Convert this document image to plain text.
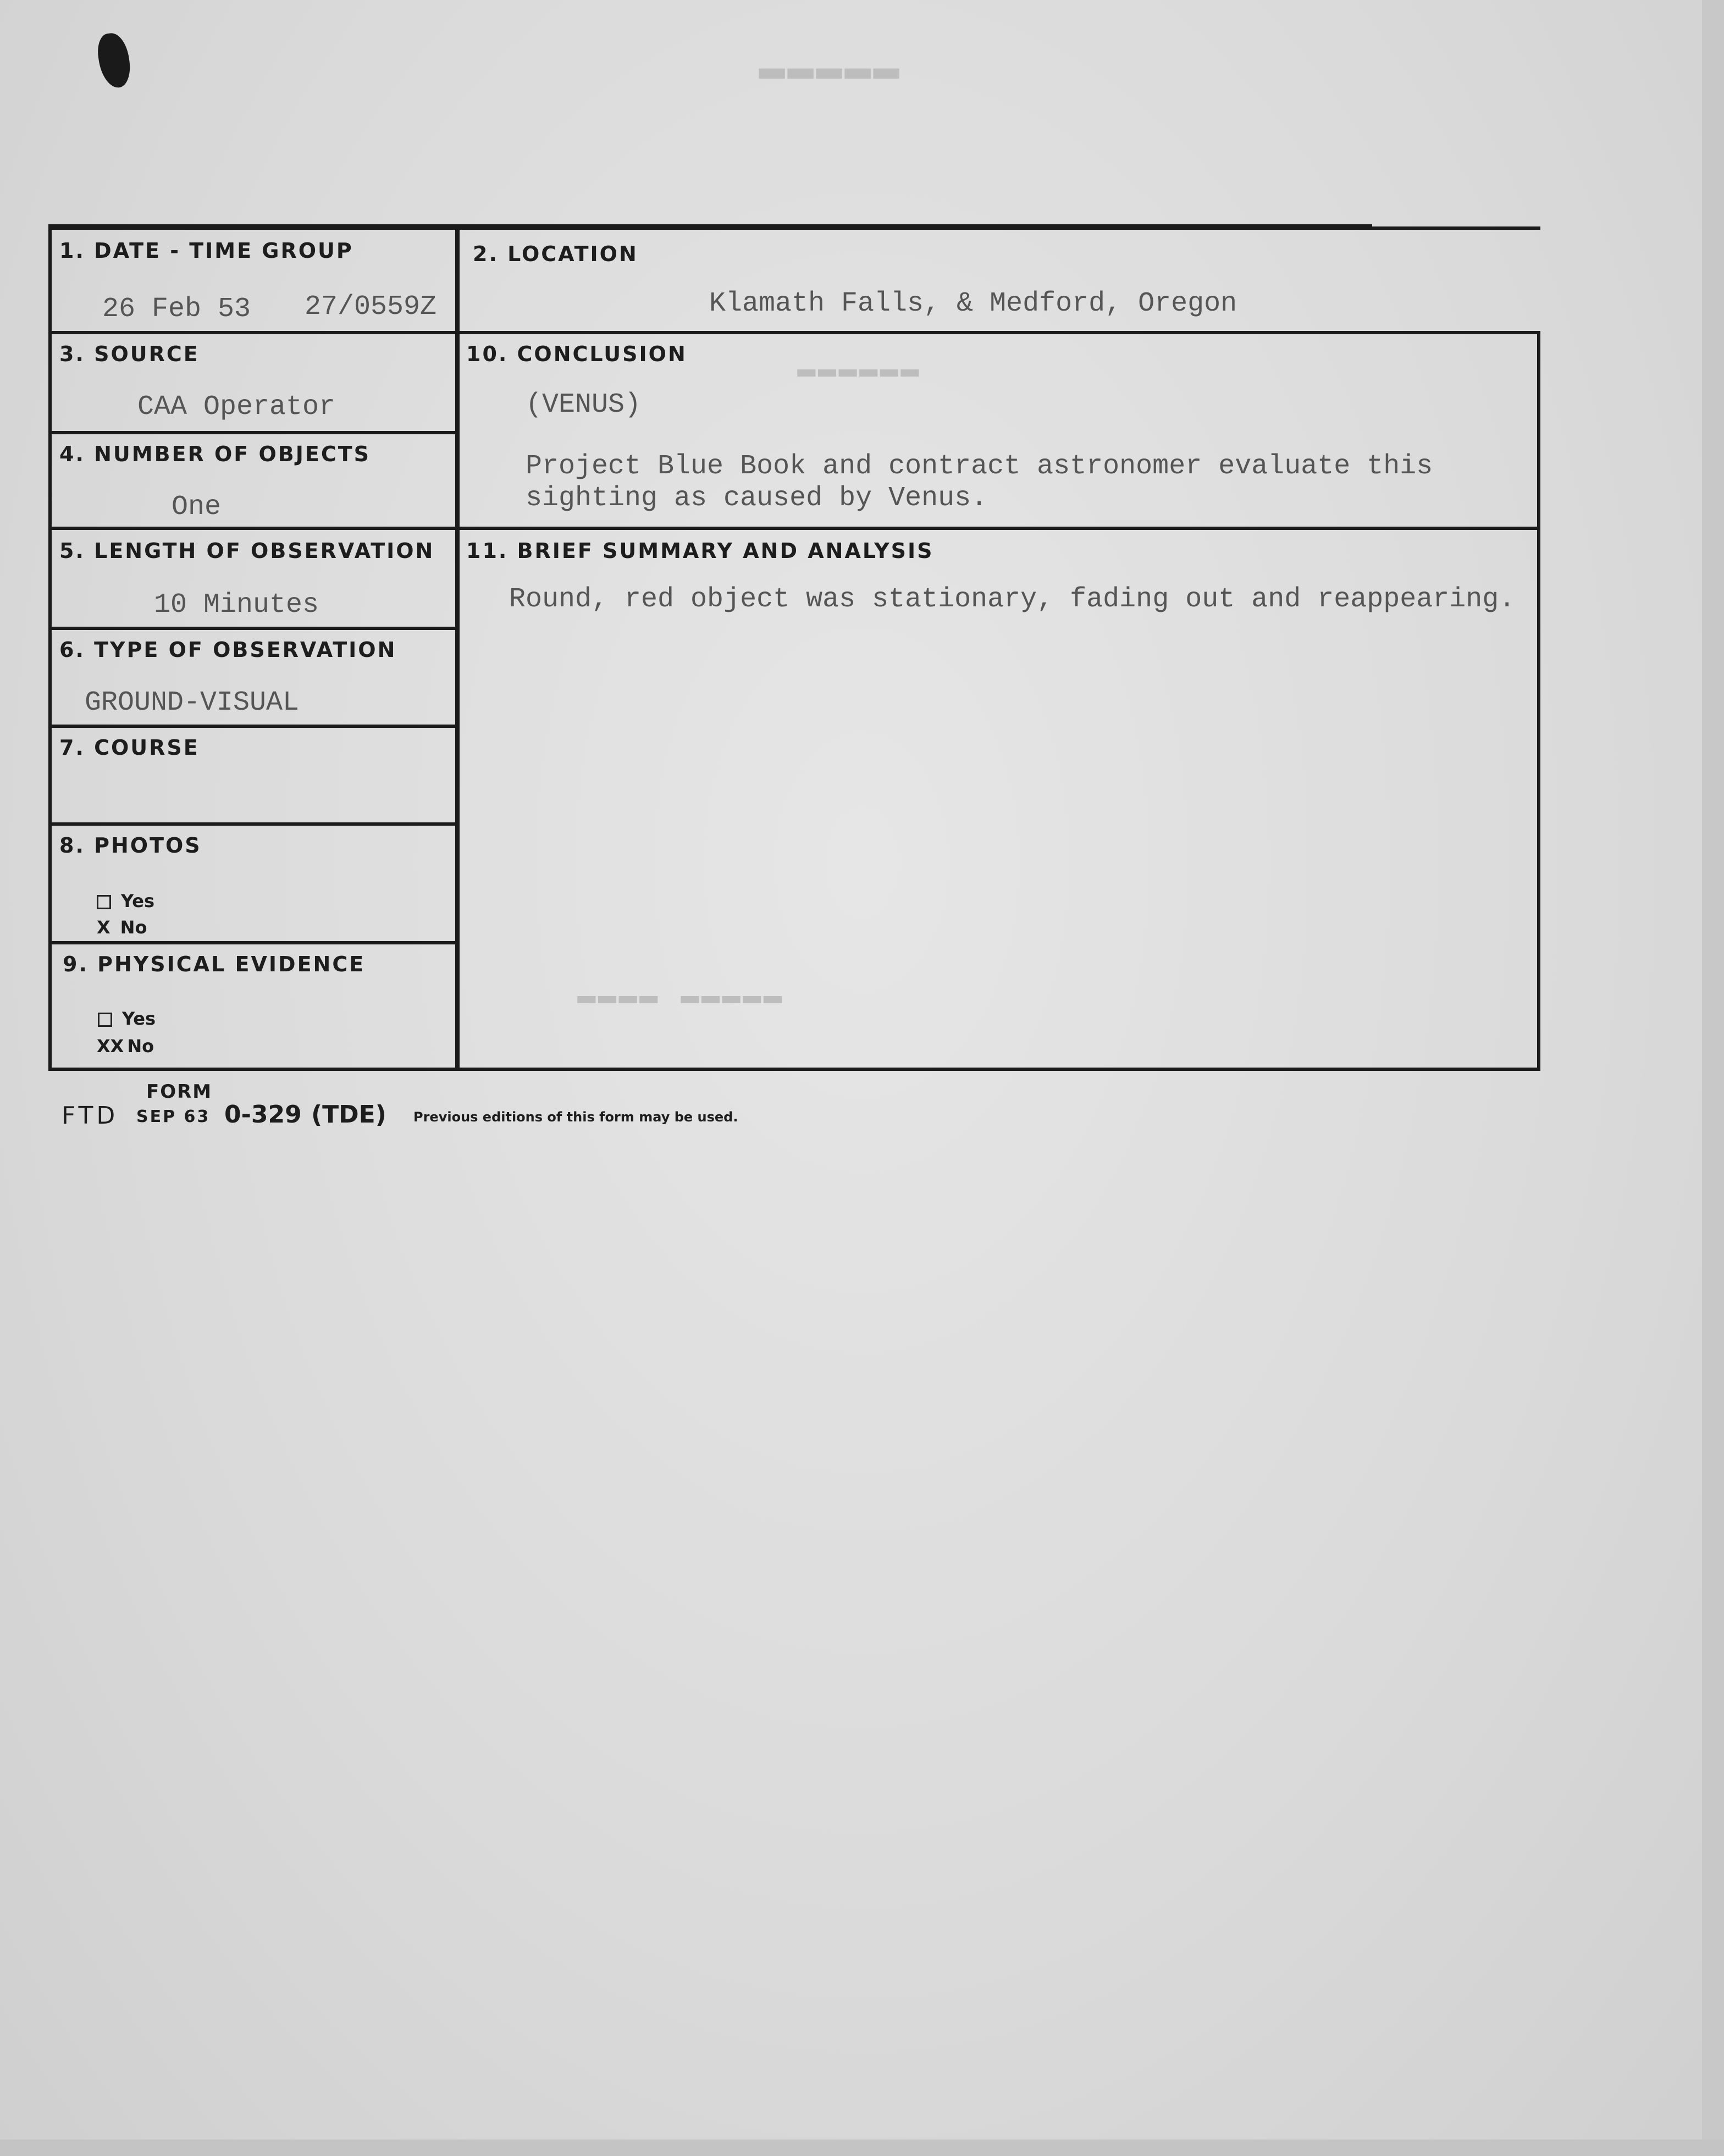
▬▬▬▬▬
▬▬▬▬▬▬
▬▬▬▬ ▬▬▬▬▬
1. DATE - TIME GROUP
26 Feb 53 27/0559Z
2. LOCATION
Klamath Falls, & Medford, Oregon
3. SOURCE
CAA Operator
4. NUMBER OF OBJECTS
One
10. CONCLUSION
(VENUS)
Project Blue Book and contract astronomer evaluate this
sighting as caused by Venus.
5. LENGTH OF OBSERVATION
10 Minutes
6. TYPE OF OBSERVATION
GROUND-VISUAL
7. COURSE
8. PHOTOS
Yes
X No
9. PHYSICAL EVIDENCE
Yes
XX No
11. BRIEF SUMMARY AND ANALYSIS
Round, red object was stationary, fading out and reappearing.
FORM
FTD SEP 63 0-329 (TDE) Previous editions of this form may be used.
